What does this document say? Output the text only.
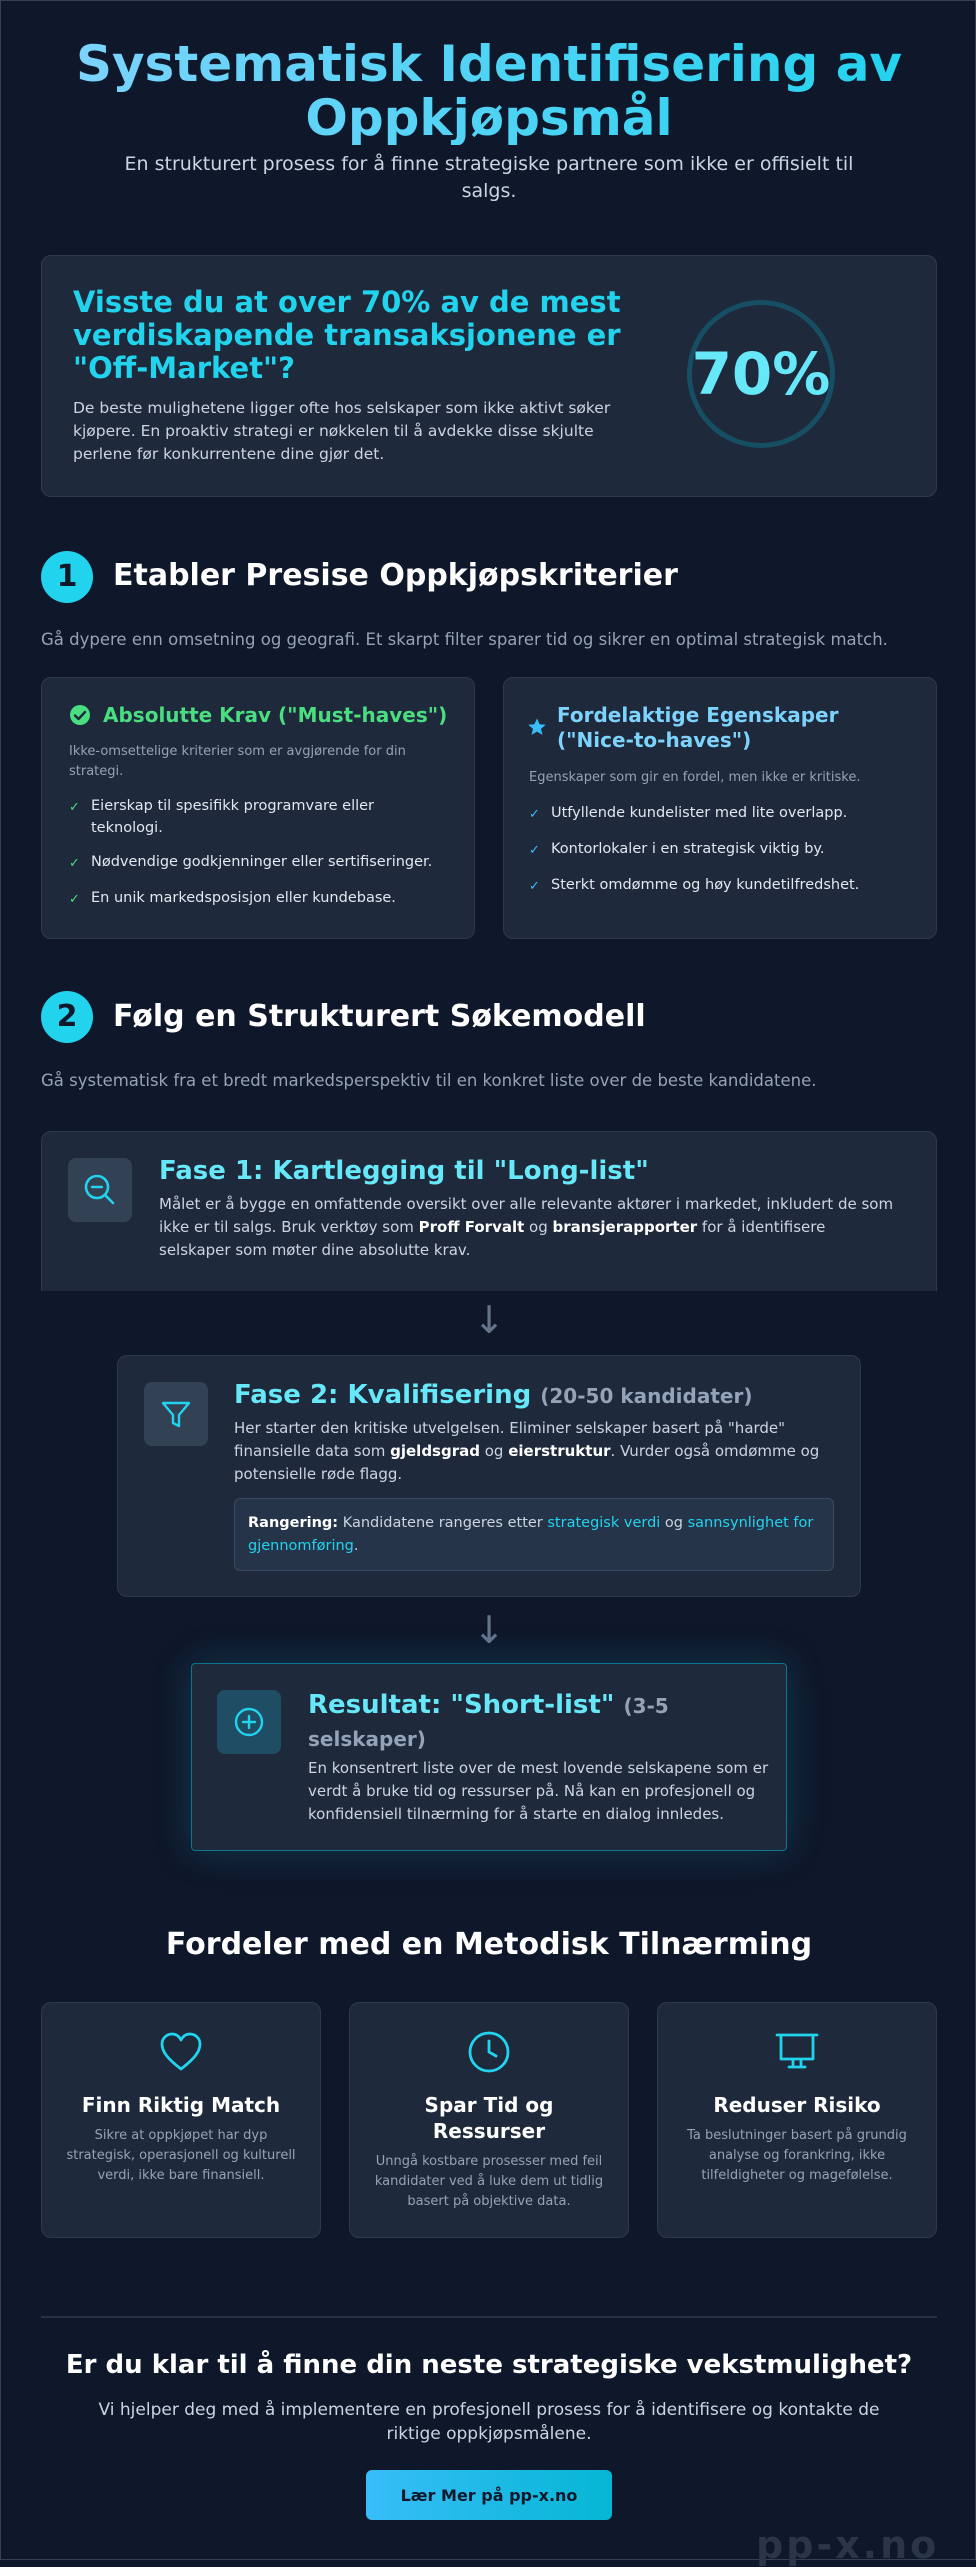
Systematisk Identifisering av Oppkjøpsmål
En strukturert prosess for å finne strategiske partnere som ikke er offisielt til salgs.
Visste du at over 70% av de mest verdiskapende transaksjonene er "Off-Market"?
De beste mulighetene ligger ofte hos selskaper som ikke aktivt søker kjøpere. En proaktiv strategi er nøkkelen til å avdekke disse skjulte perlene før konkurrentene dine gjør det.
70%
1	Etabler Presise Oppkjøpskriterier
Gå dypere enn omsetning og geografi. Et skarpt filter sparer tid og sikrer en optimal strategisk match.
Absolutte Krav ("Must-haves")
Ikke-omsettelige kriterier som er avgjørende for din strategi.
✓ Eierskap til spesifikk programvare eller teknologi.
✓ Nødvendige godkjenninger eller sertifiseringer.
✓ En unik markedsposisjon eller kundebase.
Fordelaktige Egenskaper ("Nice-to-haves")
Egenskaper som gir en fordel, men ikke er kritiske.
✓ Utfyllende kundelister med lite overlapp.
✓ Kontorlokaler i en strategisk viktig by.
✓ Sterkt omdømme og høy kundetilfredshet.
2	Følg en Strukturert Søkemodell
Gå systematisk fra et bredt markedsperspektiv til en konkret liste over de beste kandidatene.
Fase 1: Kartlegging til "Long-list"
Målet er å bygge en omfattende oversikt over alle relevante aktører i markedet, inkludert de som ikke er til salgs. Bruk verktøy som Proff Forvalt og bransjerapporter for å identifisere selskaper som møter dine absolutte krav.
↓
Fase 2: Kvalifisering (20-50 kandidater)
Her starter den kritiske utvelgelsen. Eliminer selskaper basert på "harde" finansielle data som gjeldsgrad og eierstruktur. Vurder også omdømme og potensielle røde flagg.
Rangering: Kandidatene rangeres etter strategisk verdi og sannsynlighet for gjennomføring.
↓
Resultat: "Short-list" (3-5 selskaper)
En konsentrert liste over de mest lovende selskapene som er verdt å bruke tid og ressurser på. Nå kan en profesjonell og konfidensiell tilnærming for å starte en dialog innledes.
Fordeler med en Metodisk Tilnærming
Finn Riktig Match
Sikre at oppkjøpet har dyp strategisk, operasjonell og kulturell verdi, ikke bare finansiell.
Spar Tid og Ressurser
Unngå kostbare prosesser med feil kandidater ved å luke dem ut tidlig basert på objektive data.
Reduser Risiko
Ta beslutninger basert på grundig analyse og forankring, ikke tilfeldigheter og magefølelse.
Er du klar til å finne din neste strategiske vekstmulighet?
Vi hjelper deg med å implementere en profesjonell prosess for å identifisere og kontakte de riktige oppkjøpsmålene.
Lær Mer på pp-x.no
pp-x.no
